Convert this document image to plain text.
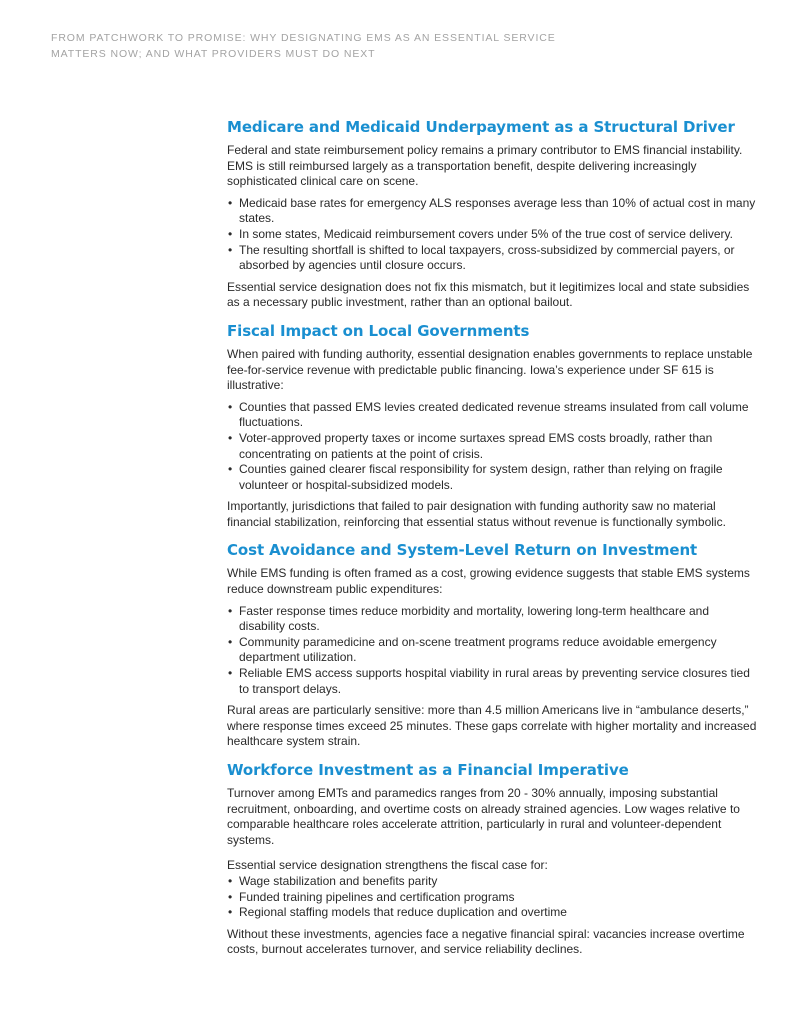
FROM PATCHWORK TO PROMISE: WHY DESIGNATING EMS AS AN ESSENTIAL SERVICE MATTERS NOW; AND WHAT PROVIDERS MUST DO NEXT
Medicare and Medicaid Underpayment as a Structural Driver

Federal and state reimbursement policy remains a primary contributor to EMS financial instability. EMS is still reimbursed largely as a transportation benefit, despite delivering increasingly sophisticated clinical care on scene.

• Medicaid base rates for emergency ALS responses average less than 10% of actual cost in many states.
• In some states, Medicaid reimbursement covers under 5% of the true cost of service delivery.
• The resulting shortfall is shifted to local taxpayers, cross-subsidized by commercial payers, or absorbed by agencies until closure occurs.

Essential service designation does not fix this mismatch, but it legitimizes local and state subsidies as a necessary public investment, rather than an optional bailout.

Fiscal Impact on Local Governments

When paired with funding authority, essential designation enables governments to replace unstable fee-for-service revenue with predictable public financing. Iowa’s experience under SF 615 is illustrative:

• Counties that passed EMS levies created dedicated revenue streams insulated from call volume fluctuations.
• Voter-approved property taxes or income surtaxes spread EMS costs broadly, rather than concentrating on patients at the point of crisis.
• Counties gained clearer fiscal responsibility for system design, rather than relying on fragile volunteer or hospital-subsidized models.

Importantly, jurisdictions that failed to pair designation with funding authority saw no material financial stabilization, reinforcing that essential status without revenue is functionally symbolic.

Cost Avoidance and System-Level Return on Investment

While EMS funding is often framed as a cost, growing evidence suggests that stable EMS systems reduce downstream public expenditures:

• Faster response times reduce morbidity and mortality, lowering long-term healthcare and disability costs.
• Community paramedicine and on-scene treatment programs reduce avoidable emergency department utilization.
• Reliable EMS access supports hospital viability in rural areas by preventing service closures tied to transport delays.

Rural areas are particularly sensitive: more than 4.5 million Americans live in “ambulance deserts,” where response times exceed 25 minutes. These gaps correlate with higher mortality and increased healthcare system strain.

Workforce Investment as a Financial Imperative

Turnover among EMTs and paramedics ranges from 20 - 30% annually, imposing substantial recruitment, onboarding, and overtime costs on already strained agencies. Low wages relative to comparable healthcare roles accelerate attrition, particularly in rural and volunteer-dependent systems.

Essential service designation strengthens the fiscal case for:

• Wage stabilization and benefits parity
• Funded training pipelines and certification programs
• Regional staffing models that reduce duplication and overtime

Without these investments, agencies face a negative financial spiral: vacancies increase overtime costs, burnout accelerates turnover, and service reliability declines.
